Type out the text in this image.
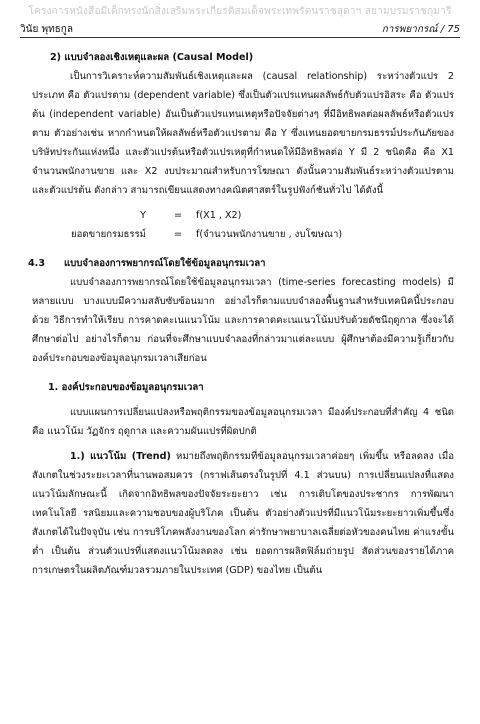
โครงการหนังสือมีเด็กทรงนักสิ่งเสริมพระเกียรติสมเด็จพระเทพรัตนราชสุดาฯ สยามบรมราชกุมารี
วินัย พุทธกูล	การพยากรณ์ / 75
2) แบบจำลองเชิงเหตุและผล (Causal Model)

เป็นการวิเคราะห์ความสัมพันธ์เชิงเหตุและผล (causal relationship) ระหว่างตัวแปร 2 ประเภท คือ ตัวแปรตาม (dependent variable) ซึ่งเป็นตัวแปรแทนผลลัพธ์กับตัวแปรอิสระ คือ ตัวแปรต้น (independent variable) อันเป็นตัวแปรแทนเหตุหรือปัจจัยต่างๆ ที่มีอิทธิพลต่อผลลัพธ์หรือตัวแปรตาม ตัวอย่างเช่น หากกำหนดให้ผลลัพธ์หรือตัวแปรตาม คือ Y ซึ่งแทนยอดขายกรมธรรม์ประกันภัยของบริษัทประกันแห่งหนึ่ง และตัวแปรต้นหรือตัวแปรเหตุที่กำหนดให้มีอิทธิพลต่อ Y มี 2 ชนิดคือ คือ X1 จำนวนพนักงานขาย และ X2 งบประมาณสำหรับการโฆษณา ดังนั้นความสัมพันธ์ระหว่างตัวแปรตามและตัวแปรต้น ดังกล่าว สามารถเขียนแสดงทางคณิตศาสตร์ในรูปฟังก์ชันทั่วไป ได้ดังนี้

Y	= f(X1 , X2)
ยอดขายกรมธรรม์	= f(จำนวนพนักงานขาย , งบโฆษณา)
4.3 แบบจำลองการพยากรณ์โดยใช้ข้อมูลอนุกรมเวลา

แบบจำลองการพยากรณ์โดยใช้ข้อมูลอนุกรมเวลา (time-series forecasting models) มีหลายแบบ บางแบบมีความสลับซับซ้อนมาก อย่างไรก็ตามแบบจำลองพื้นฐานสำหรับเทคนิคนี้ประกอบด้วย วิธีการทำให้เรียบ การคาดคะเนแนวโน้ม และการคาดคะเนแนวโน้มปรับด้วยดัชนีฤดูกาล ซึ่งจะได้ศึกษาต่อไป อย่างไรก็ตาม ก่อนที่จะศึกษาแบบจำลองที่กล่าวมาแต่ละแบบ ผู้ศึกษาต้องมีความรู้เกี่ยวกับองค์ประกอบของข้อมูลอนุกรมเวลาเสียก่อน

1. องค์ประกอบของข้อมูลอนุกรมเวลา

แบบแผนการเปลี่ยนแปลงหรือพฤติกรรมของข้อมูลอนุกรมเวลา มีองค์ประกอบที่สำคัญ 4 ชนิด คือ แนวโน้ม วัฏจักร ฤดูกาล และความผันแปรที่ผิดปกติ

1.) แนวโน้ม (Trend) หมายถึงพฤติกรรมที่ข้อมูลอนุกรมเวลาค่อยๆ เพิ่มขึ้น หรือลดลง เมื่อสังเกตในช่วงระยะเวลาที่นานพอสมควร (กราฟเส้นตรงในรูปที่ 4.1 ส่วนบน) การเปลี่ยนแปลงที่แสดงแนวโน้มลักษณะนี้ เกิดจากอิทธิพลของปัจจัยระยะยาว เช่น การเติบโตของประชากร การพัฒนาเทคโนโลยี รสนิยมและความชอบของผู้บริโภค เป็นต้น ตัวอย่างตัวแปรที่มีแนวโน้มระยะยาวเพิ่มขึ้นซึ่งสังเกตได้ในปัจจุบัน เช่น การบริโภคพลังงานของโลก ค่ารักษาพยาบาลเฉลี่ยต่อหัวของคนไทย ค่าแรงขั้นต่ำ เป็นต้น ส่วนตัวแปรที่แสดงแนวโน้มลดลง เช่น ยอดการผลิตฟิล์มถ่ายรูป สัดส่วนของรายได้ภาคการเกษตรในผลิตภัณฑ์มวลรวมภายในประเทศ (GDP) ของไทย เป็นต้น
